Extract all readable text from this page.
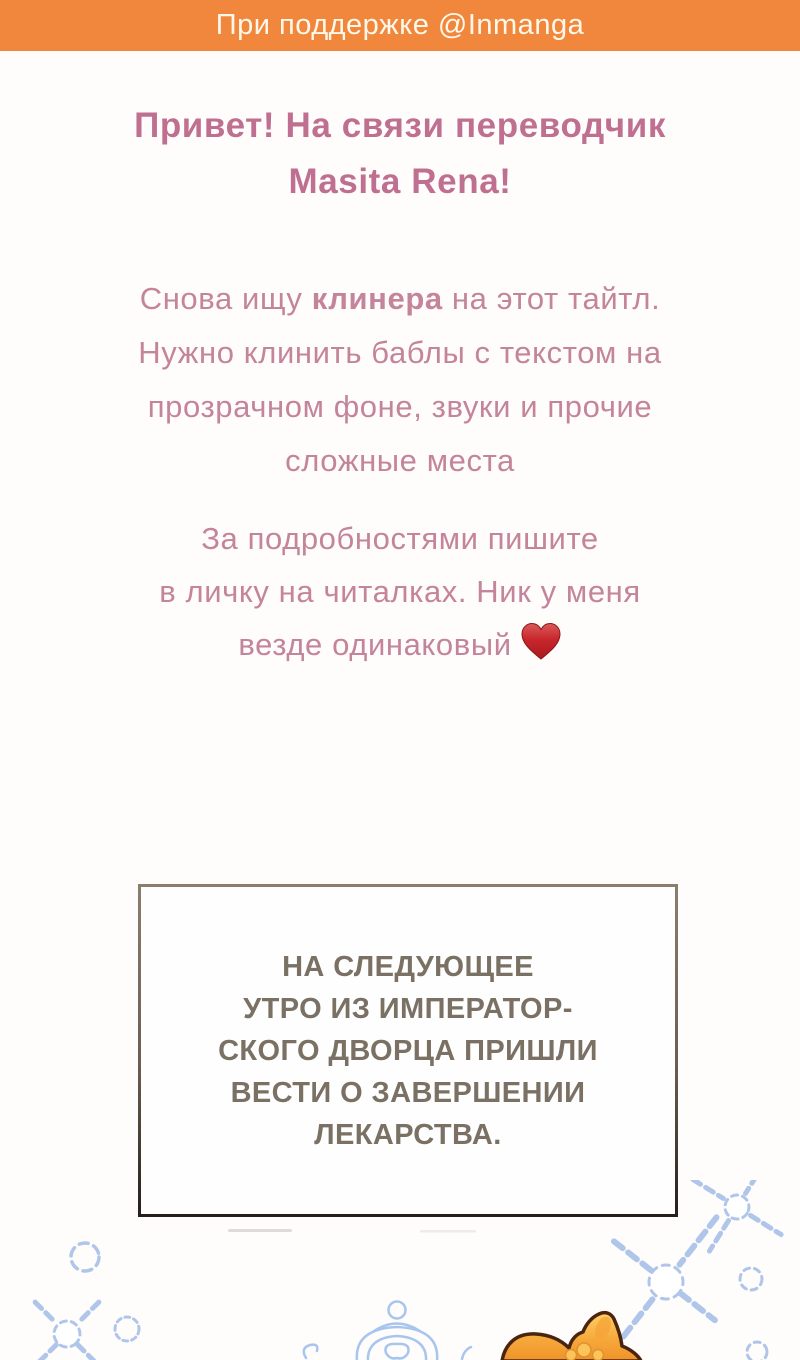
При поддержке @Inmanga
Привет! На связи переводчик
Masita Rena!
Снова ищу клинера на этот тайтл.
Нужно клинить баблы с текстом на
прозрачном фоне, звуки и прочие
сложные места
За подробностями пишите
в личку на читалках. Ник у меня
везде одинаковый
НА СЛЕДУЮЩЕЕ
УТРО ИЗ ИМПЕРАТОР-
СКОГО ДВОРЦА ПРИШЛИ
ВЕСТИ О ЗАВЕРШЕНИИ
ЛЕКАРСТВА.
